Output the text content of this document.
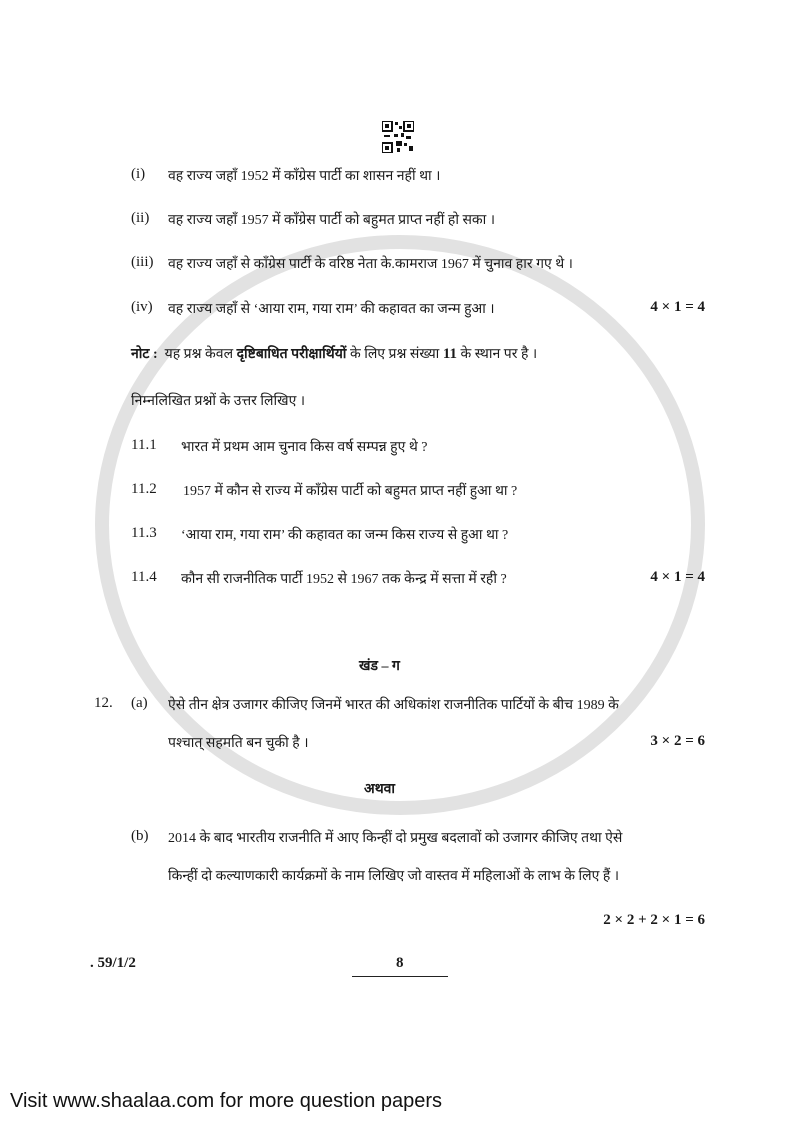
(i) वह राज्य जहाँ 1952 में काँग्रेस पार्टी का शासन नहीं था ।
(ii) वह राज्य जहाँ 1957 में काँग्रेस पार्टी को बहुमत प्राप्त नहीं हो सका ।
(iii) वह राज्य जहाँ से काँग्रेस पार्टी के वरिष्ठ नेता के.कामराज 1967 में चुनाव हार गए थे ।
(iv) वह राज्य जहाँ से ‘आया राम, गया राम’ की कहावत का जन्म हुआ ।	4 × 1 = 4
नोट : यह प्रश्न केवल दृष्टिबाधित परीक्षार्थियों के लिए प्रश्न संख्या 11 के स्थान पर है ।
निम्नलिखित प्रश्नों के उत्तर लिखिए ।
11.1 भारत में प्रथम आम चुनाव किस वर्ष सम्पन्न हुए थे ?
11.2 1957 में कौन से राज्य में काँग्रेस पार्टी को बहुमत प्राप्त नहीं हुआ था ?
11.3 ‘आया राम, गया राम’ की कहावत का जन्म किस राज्य से हुआ था ?
11.4 कौन सी राजनीतिक पार्टी 1952 से 1967 तक केन्द्र में सत्ता में रही ?	4 × 1 = 4
खंड – ग
12. (a) ऐसे तीन क्षेत्र उजागर कीजिए जिनमें भारत की अधिकांश राजनीतिक पार्टियों के बीच 1989 के
पश्चात् सहमति बन चुकी है ।	3 × 2 = 6
अथवा
(b) 2014 के बाद भारतीय राजनीति में आए किन्हीं दो प्रमुख बदलावों को उजागर कीजिए तथा ऐसे
किन्हीं दो कल्याणकारी कार्यक्रमों के नाम लिखिए जो वास्तव में महिलाओं के लाभ के लिए हैं ।
2 × 2 + 2 × 1 = 6
. 59/1/2	8
Visit www.shaalaa.com for more question papers
